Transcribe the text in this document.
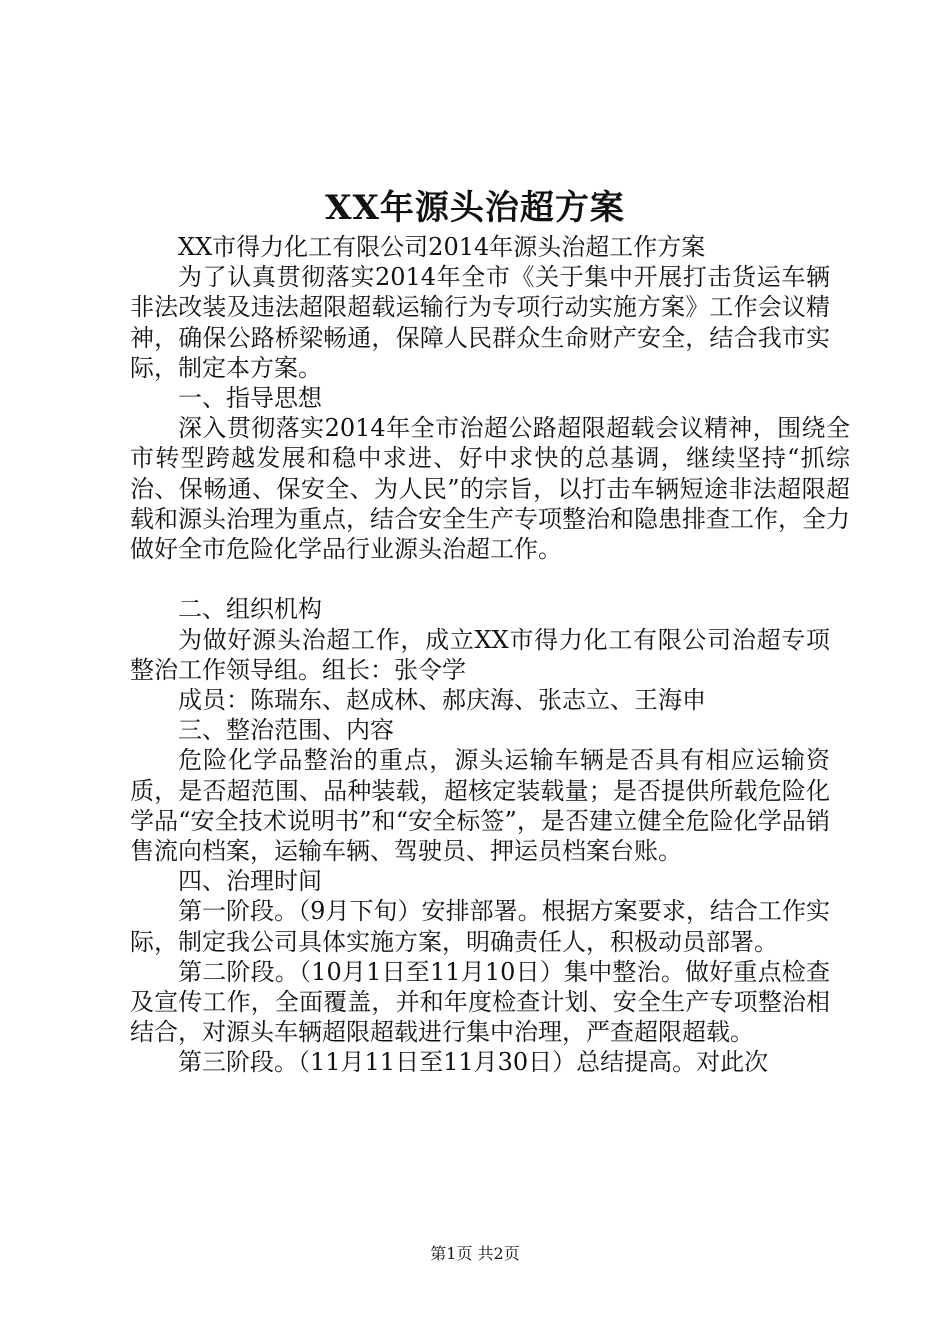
XX年源头治超方案

XX市得力化工有限公司2014年源头治超工作方案

为了认真贯彻落实2014年全市《关于集中开展打击货运车辆非法改装及违法超限超载运输行为专项行动实施方案》工作会议精神，确保公路桥梁畅通，保障人民群众生命财产安全，结合我市实际，制定本方案。

一、指导思想

深入贯彻落实2014年全市治超公路超限超载会议精神，围绕全市转型跨越发展和稳中求进、好中求快的总基调，继续坚持“抓综治、保畅通、保安全、为人民”的宗旨，以打击车辆短途非法超限超载和源头治理为重点，结合安全生产专项整治和隐患排查工作，全力做好全市危险化学品行业源头治超工作。

二、组织机构

为做好源头治超工作，成立XX市得力化工有限公司治超专项整治工作领导组。组长：张令学

成员：陈瑞东、赵成林、郝庆海、张志立、王海申

三、整治范围、内容

危险化学品整治的重点，源头运输车辆是否具有相应运输资质，是否超范围、品种装载，超核定装载量；是否提供所载危险化学品“安全技术说明书”和“安全标签”，是否建立健全危险化学品销售流向档案，运输车辆、驾驶员、押运员档案台账。

四、治理时间

第一阶段。（9月下旬）安排部署。根据方案要求，结合工作实际，制定我公司具体实施方案，明确责任人，积极动员部署。

第二阶段。（10月1日至11月10日）集中整治。做好重点检查及宣传工作，全面覆盖，并和年度检查计划、安全生产专项整治相结合，对源头车辆超限超载进行集中治理，严查超限超载。

第三阶段。（11月11日至11月30日）总结提高。对此次

第1页 共2页
